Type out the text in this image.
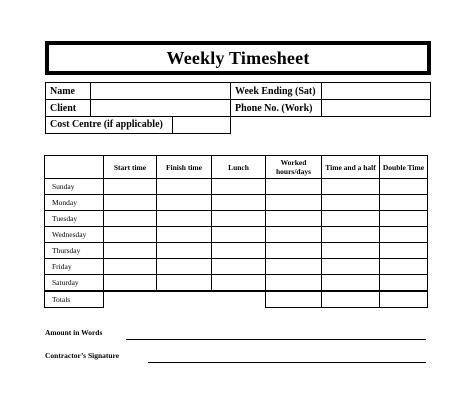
Weekly Timesheet
Name		Week Ending (Sat)	
Client		Phone No. (Work)	

Cost Centre (if applicable)			

	Start time	Finish time	Lunch	Worked hours/days	Time and a half	Double Time
Sunday						
Monday						
Tuesday						
Wednesday						
Thursday						
Friday						
Saturday						
Totals						
Amount in Words
Contractor’s Signature
